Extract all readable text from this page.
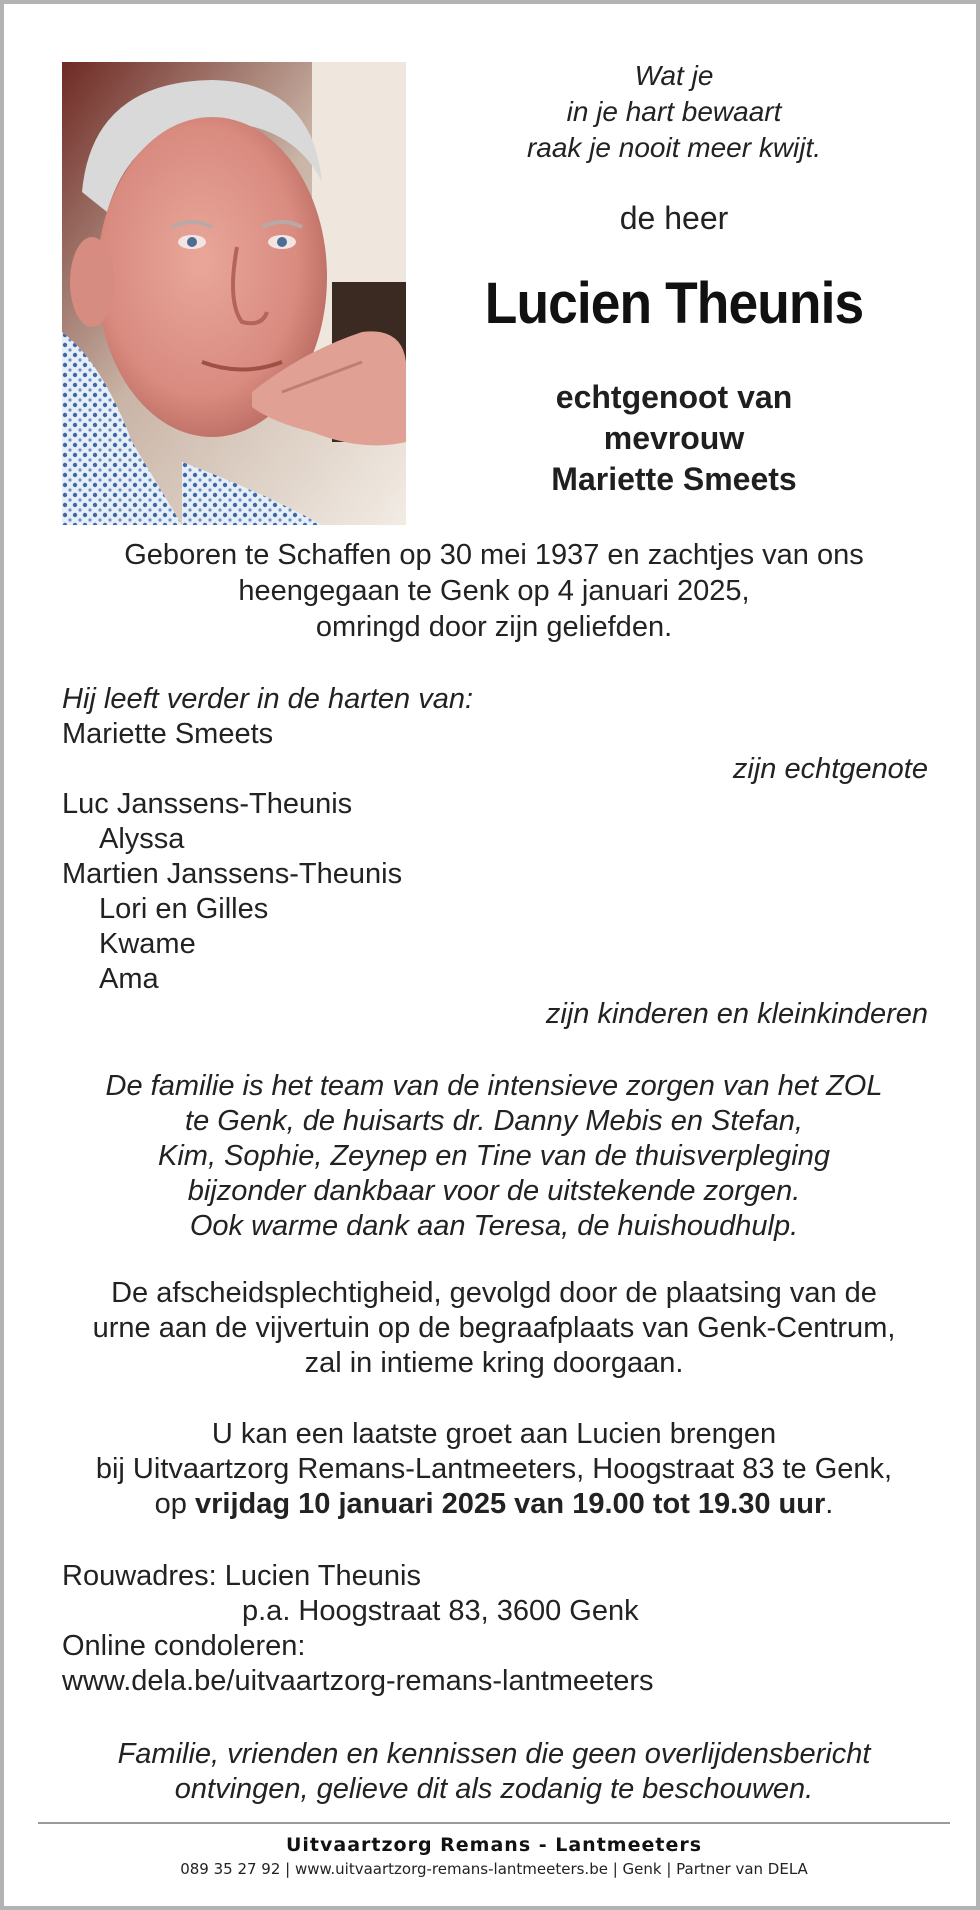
Wat je
in je hart bewaart
raak je nooit meer kwijt.
de heer
Lucien Theunis
echtgenoot van
mevrouw
Mariette Smeets
Geboren te Schaffen op 30 mei 1937 en zachtjes van ons
heengegaan te Genk op 4 januari 2025,
omringd door zijn geliefden.
Hij leeft verder in de harten van:
Mariette Smeets
zijn echtgenote
Luc Janssens-Theunis
Alyssa
Martien Janssens-Theunis
Lori en Gilles
Kwame
Ama
zijn kinderen en kleinkinderen
De familie is het team van de intensieve zorgen van het ZOL
te Genk, de huisarts dr. Danny Mebis en Stefan,
Kim, Sophie, Zeynep en Tine van de thuisverpleging
bijzonder dankbaar voor de uitstekende zorgen.
Ook warme dank aan Teresa, de huishoudhulp.
De afscheidsplechtigheid, gevolgd door de plaatsing van de
urne aan de vijvertuin op de begraafplaats van Genk-Centrum,
zal in intieme kring doorgaan.
U kan een laatste groet aan Lucien brengen
bij Uitvaartzorg Remans-Lantmeeters, Hoogstraat 83 te Genk,
op vrijdag 10 januari 2025 van 19.00 tot 19.30 uur.
Rouwadres: Lucien Theunis
p.a. Hoogstraat 83, 3600 Genk
Online condoleren:
www.dela.be/uitvaartzorg-remans-lantmeeters
Familie, vrienden en kennissen die geen overlijdensbericht
ontvingen, gelieve dit als zodanig te beschouwen.
Uitvaartzorg Remans - Lantmeeters
089 35 27 92 | www.uitvaartzorg-remans-lantmeeters.be | Genk | Partner van DELA
